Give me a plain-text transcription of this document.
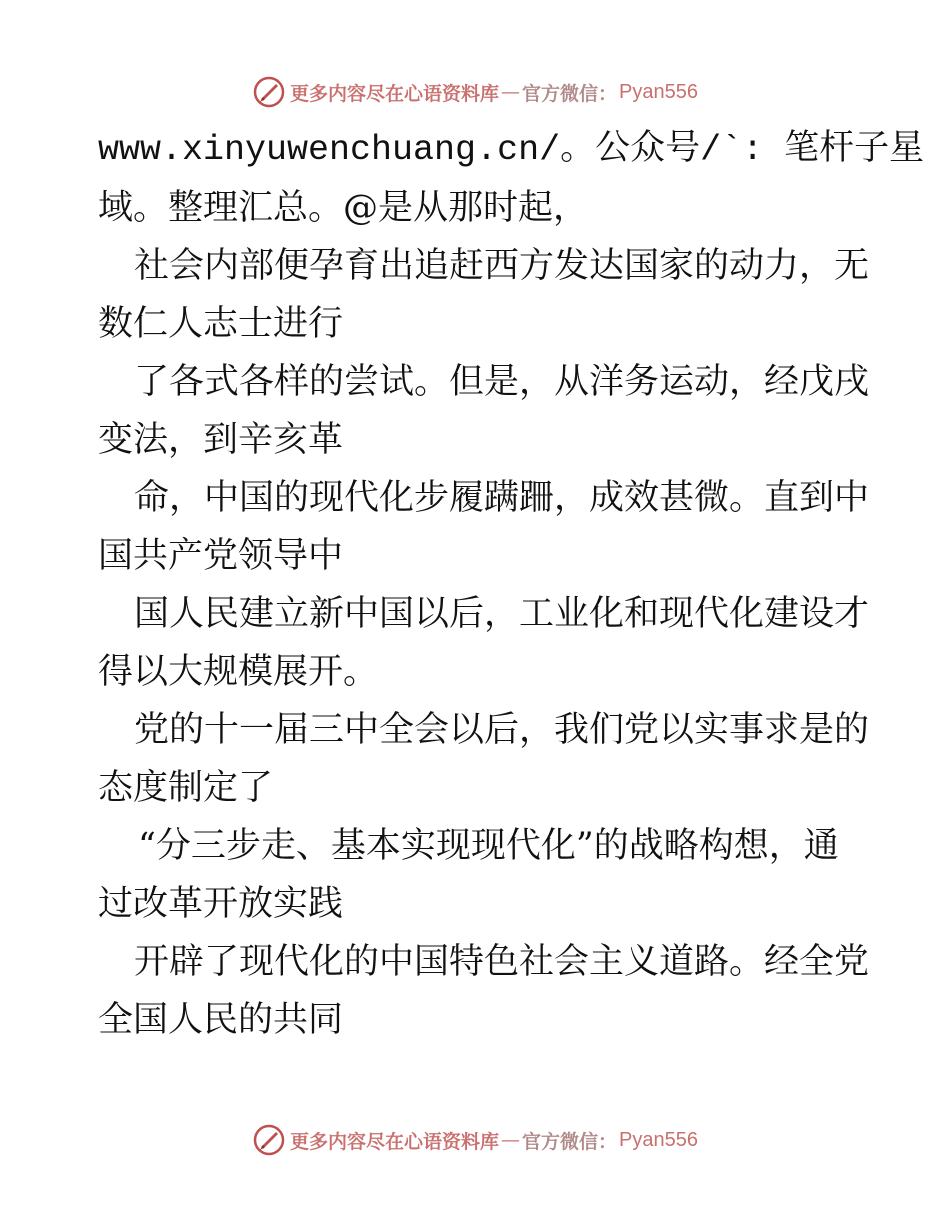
更多内容尽在心语资料库 — 官方微信： Pyan556
www.xinyuwenchuang.cn/。公众号/`: 笔杆子星
域。整理汇总。@是从那时起，
社会内部便孕育出追赶西方发达国家的动力，无
数仁人志士进行
了各式各样的尝试。但是，从洋务运动，经戊戌
变法，到辛亥革
命，中国的现代化步履蹒跚，成效甚微。直到中
国共产党领导中
国人民建立新中国以后，工业化和现代化建设才
得以大规模展开。
党的十一届三中全会以后，我们党以实事求是的
态度制定了
“分三步走、基本实现现代化”的战略构想，通
过改革开放实践
开辟了现代化的中国特色社会主义道路。经全党
全国人民的共同
更多内容尽在心语资料库 — 官方微信： Pyan556
